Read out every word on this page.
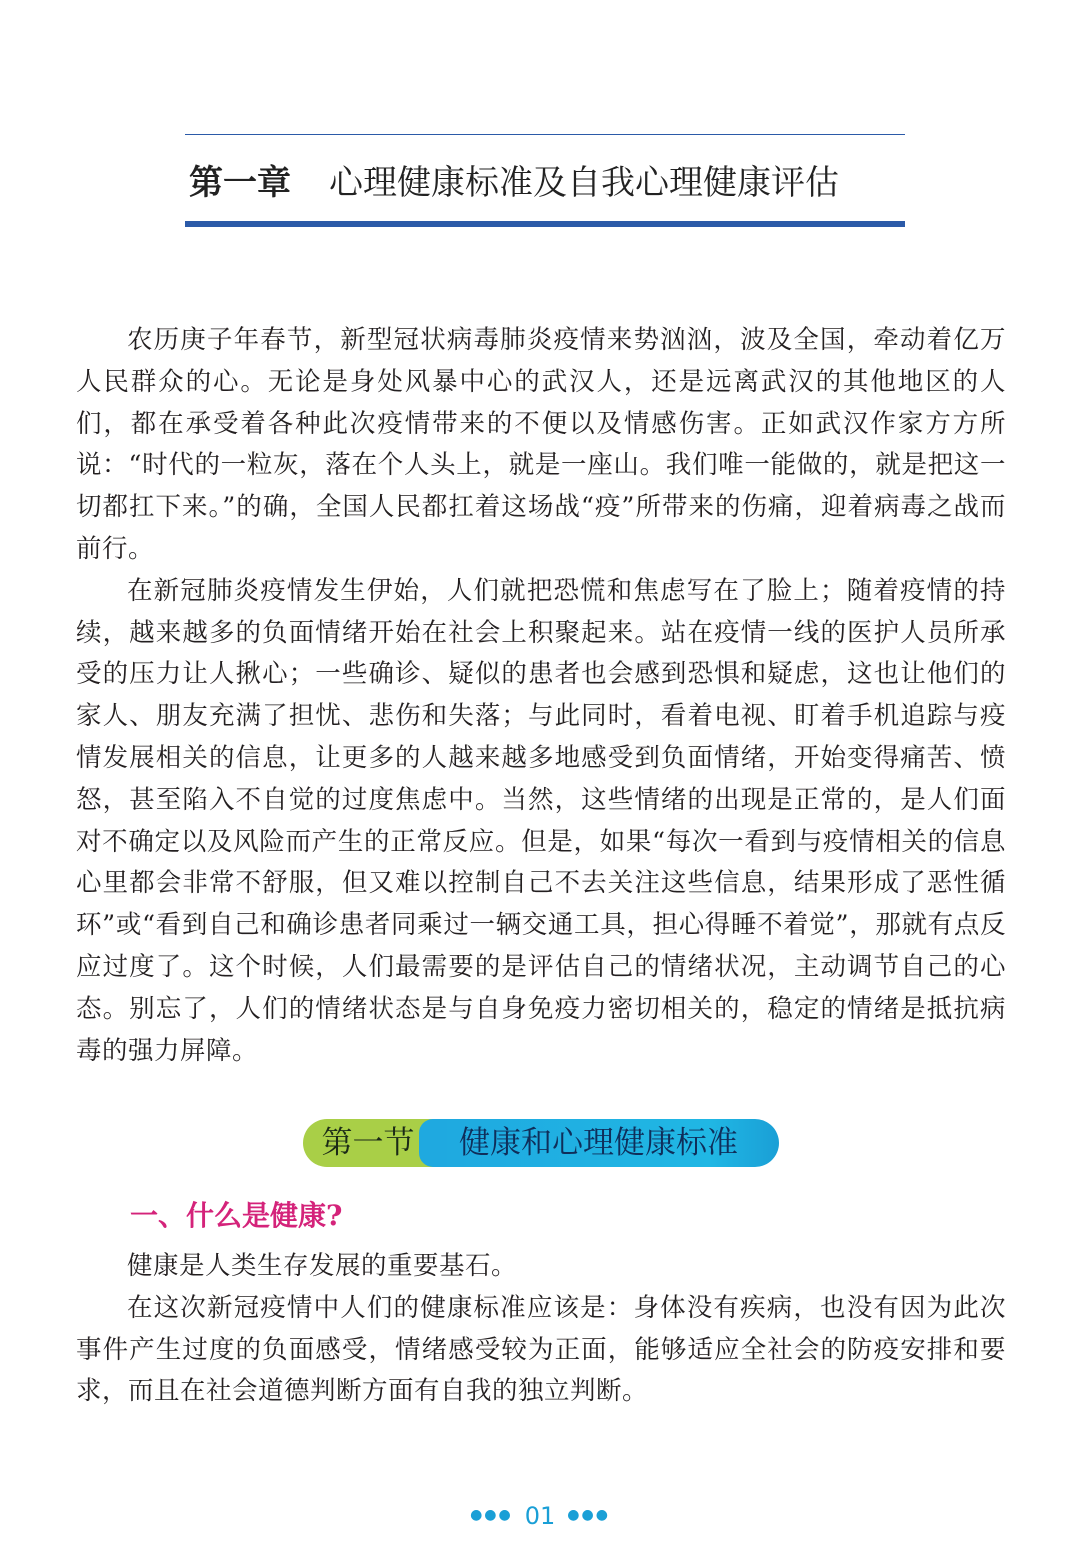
第一章 心理健康标准及自我心理健康评估

农历庚子年春节，新型冠状病毒肺炎疫情来势汹汹，波及全国，牵动着亿万人民群众的心。无论是身处风暴中心的武汉人，还是远离武汉的其他地区的人们，都在承受着各种此次疫情带来的不便以及情感伤害。正如武汉作家方方所说：“时代的一粒灰，落在个人头上，就是一座山。我们唯一能做的，就是把这一切都扛下来。”的确，全国人民都扛着这场战“疫”所带来的伤痛，迎着病毒之战而前行。

在新冠肺炎疫情发生伊始，人们就把恐慌和焦虑写在了脸上；随着疫情的持续，越来越多的负面情绪开始在社会上积聚起来。站在疫情一线的医护人员所承受的压力让人揪心；一些确诊、疑似的患者也会感到恐惧和疑虑，这也让他们的家人、朋友充满了担忧、悲伤和失落；与此同时，看着电视、盯着手机追踪与疫情发展相关的信息，让更多的人越来越多地感受到负面情绪，开始变得痛苦、愤怒，甚至陷入不自觉的过度焦虑中。当然，这些情绪的出现是正常的，是人们面对不确定以及风险而产生的正常反应。但是，如果“每次一看到与疫情相关的信息心里都会非常不舒服，但又难以控制自己不去关注这些信息，结果形成了恶性循环”或“看到自己和确诊患者同乘过一辆交通工具，担心得睡不着觉”，那就有点反应过度了。这个时候，人们最需要的是评估自己的情绪状况，主动调节自己的心态。别忘了，人们的情绪状态是与自身免疫力密切相关的，稳定的情绪是抵抗病毒的强力屏障。

第一节	健康和心理健康标准
一、什么是健康?

健康是人类生存发展的重要基石。

在这次新冠疫情中人们的健康标准应该是：身体没有疾病，也没有因为此次事件产生过度的负面感受，情绪感受较为正面，能够适应全社会的防疫安排和要求，而且在社会道德判断方面有自我的独立判断。

●●● 01 ●●●
